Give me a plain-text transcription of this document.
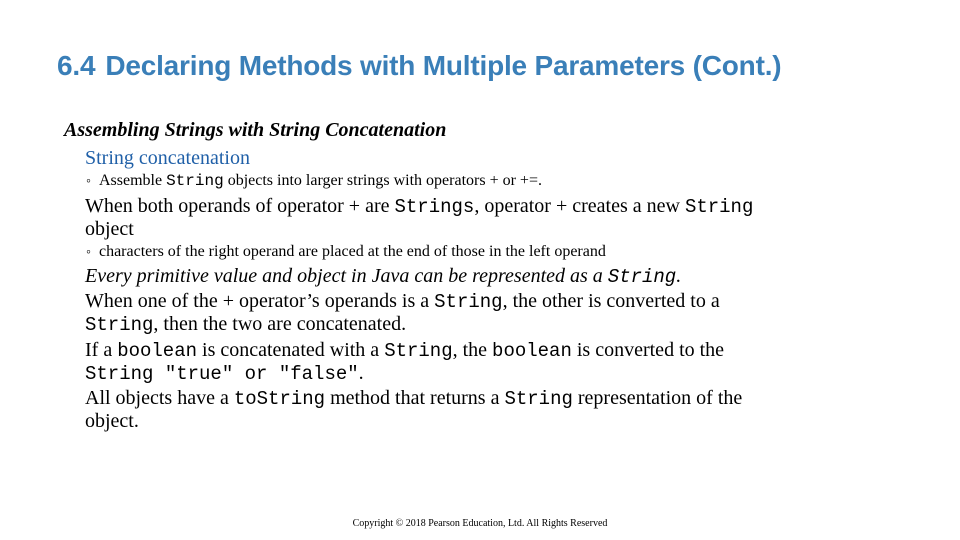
6.4 Declaring Methods with Multiple Parameters (Cont.)
Assembling Strings with String Concatenation
String concatenation
◦ Assemble String objects into larger strings with operators + or +=.
When both operands of operator + are Strings, operator + creates a new String
object
◦ characters of the right operand are placed at the end of those in the left operand
Every primitive value and object in Java can be represented as a String.
When one of the + operator’s operands is a String, the other is converted to a
String, then the two are concatenated.
If a boolean is concatenated with a String, the boolean is converted to the
String "true" or "false".
All objects have a toString method that returns a String representation of the
object.
Copyright © 2018 Pearson Education, Ltd. All Rights Reserved
